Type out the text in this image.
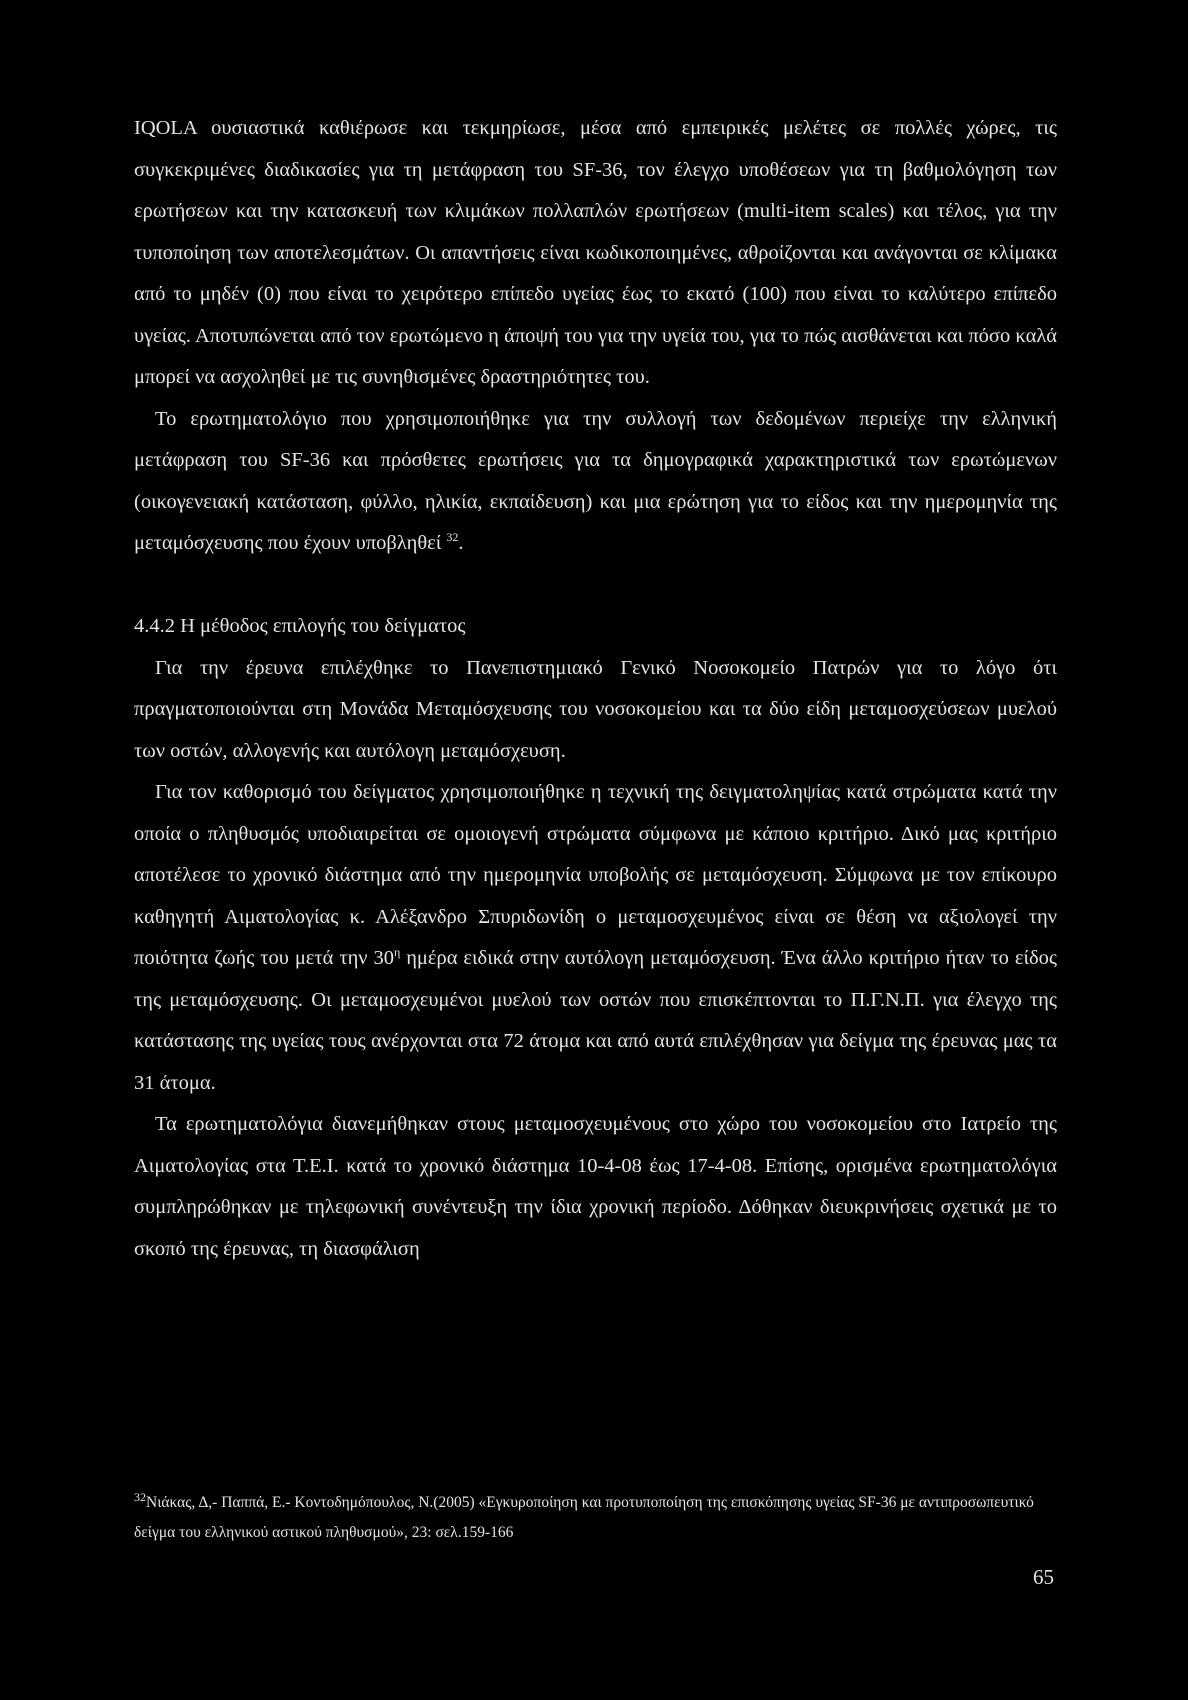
IQOLA ουσιαστικά καθιέρωσε και τεκμηρίωσε, μέσα από εμπειρικές μελέτες σε πολλές χώρες, τις συγκεκριμένες διαδικασίες για τη μετάφραση του SF-36, τον έλεγχο υποθέσεων για τη βαθμολόγηση των ερωτήσεων και την κατασκευή των κλιμάκων πολλαπλών ερωτήσεων (multi-item scales) και τέλος, για την τυποποίηση των αποτελεσμάτων. Οι απαντήσεις είναι κωδικοποιημένες, αθροίζονται και ανάγονται σε κλίμακα από το μηδέν (0) που είναι το χειρότερο επίπεδο υγείας έως το εκατό (100) που είναι το καλύτερο επίπεδο υγείας. Αποτυπώνεται από τον ερωτώμενο η άποψή του για την υγεία του, για το πώς αισθάνεται και πόσο καλά μπορεί να ασχοληθεί με τις συνηθισμένες δραστηριότητες του.

Το ερωτηματολόγιο που χρησιμοποιήθηκε για την συλλογή των δεδομένων περιείχε την ελληνική μετάφραση του SF-36 και πρόσθετες ερωτήσεις για τα δημογραφικά χαρακτηριστικά των ερωτώμενων (οικογενειακή κατάσταση, φύλλο, ηλικία, εκπαίδευση) και μια ερώτηση για το είδος και την ημερομηνία της μεταμόσχευσης που έχουν υποβληθεί $^{32}$.

4.4.2 Η μέθοδος επιλογής του δείγματος

Για την έρευνα επιλέχθηκε το Πανεπιστημιακό Γενικό Νοσοκομείο Πατρών για το λόγο ότι πραγματοποιούνται στη Μονάδα Μεταμόσχευσης του νοσοκομείου και τα δύο είδη μεταμοσχεύσεων μυελού των οστών, αλλογενής και αυτόλογη μεταμόσχευση.

Για τον καθορισμό του δείγματος χρησιμοποιήθηκε η τεχνική της δειγματοληψίας κατά στρώματα κατά την οποία ο πληθυσμός υποδιαιρείται σε ομοιογενή στρώματα σύμφωνα με κάποιο κριτήριο. Δικό μας κριτήριο αποτέλεσε το χρονικό διάστημα από την ημερομηνία υποβολής σε μεταμόσχευση. Σύμφωνα με τον επίκουρο καθηγητή Αιματολογίας κ. Αλέξανδρο Σπυριδωνίδη ο μεταμοσχευμένος είναι σε θέση να αξιολογεί την ποιότητα ζωής του μετά την $30^\eta$ ημέρα ειδικά στην αυτόλογη μεταμόσχευση. Ένα άλλο κριτήριο ήταν το είδος της μεταμόσχευσης. Οι μεταμοσχευμένοι μυελού των οστών που επισκέπτονται το Π.Γ.Ν.Π. για έλεγχο της κατάστασης της υγείας τους ανέρχονται στα 72 άτομα και από αυτά επιλέχθησαν για δείγμα της έρευνας μας τα 31 άτομα.

Τα ερωτηματολόγια διανεμήθηκαν στους μεταμοσχευμένους στο χώρο του νοσοκομείου στο Ιατρείο της Αιματολογίας στα Τ.Ε.Ι. κατά το χρονικό διάστημα 10-4-08 έως 17-4-08. Επίσης, ορισμένα ερωτηματολόγια συμπληρώθηκαν με τηλεφωνική συνέντευξη την ίδια χρονική περίοδο. Δόθηκαν διευκρινήσεις σχετικά με το σκοπό της έρευνας, τη διασφάλιση

$^{32}$Νιάκας, Δ,- Παππά, Ε.- Κοντοδημόπουλος, Ν.(2005) «Εγκυροποίηση και προτυποποίηση της επισκόπησης υγείας SF-36 με αντιπροσωπευτικό δείγμα του ελληνικού αστικού πληθυσμού», 23: σελ.159-166
65
